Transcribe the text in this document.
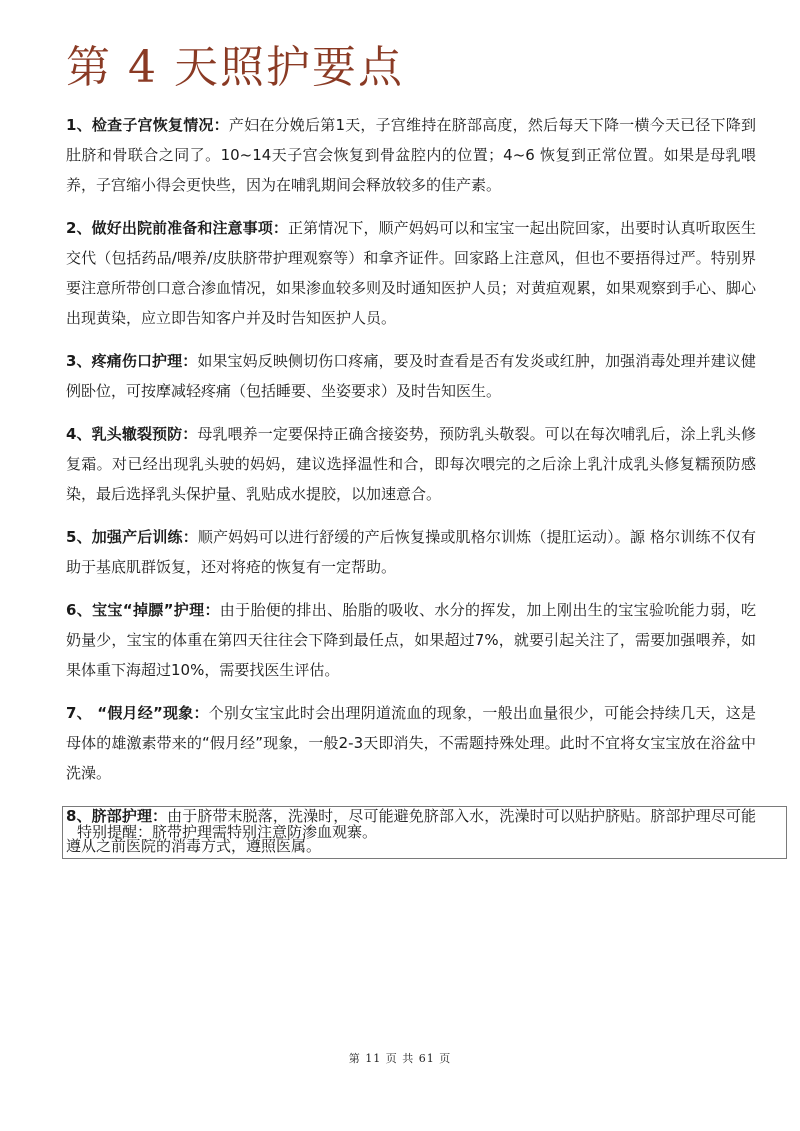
第 4 天照护要点

1、检查子宫恢复情况：产妇在分娩后第1天，子宫维持在脐部高度，然后每天下降一横今天已径下降到肚脐和骨联合之同了。10~14天子宫会恢复到骨盆腔内的位置；4~6 恢复到正常位置。如果是母乳喂养，子宫缩小得会更快些，因为在哺乳期间会释放较多的佳产素。

2、做好出院前准备和注意事项：正第情况下，顺产妈妈可以和宝宝一起出院回家，出要时认真听取医生交代（包括药品/喂养/皮肤脐带护理观察等）和拿齐证件。回家路上注意风，但也不要捂得过严。特别界要注意所带创口意合渗血情况，如果渗血较多则及时通知医护人员；对黄疸观累，如果观察到手心、脚心出现黄染，应立即告知客户并及时告知医护人员。

3、疼痛伤口护理：如果宝妈反映侧切伤口疼痛，要及时查看是否有发炎或红肿，加强消毒处理并建议健例卧位，可按摩减轻疼痛（包括睡要、坐姿要求）及时告知医生。

4、乳头辙裂预防：母乳喂养一定要保持正确含接姿势，预防乳头敬裂。可以在每次哺乳后，涂上乳头修复霜。对已经出现乳头驶的妈妈，建议选择温性和合，即每次喂完的之后涂上乳汁成乳头修复糯预防感染，最后选择乳头保护量、乳贴成水提胶，以加速意合。

5、加强产后训练：顺产妈妈可以进行舒缓的产后恢复操或肌格尔训炼（提肛运动）。謜 格尔训练不仅有助于基底肌群饭复，还对将疮的恢复有一定帮助。

6、宝宝“掉膘”护理：由于胎便的排出、胎脂的吸收、水分的挥发，加上刚出生的宝宝验吮能力弱，吃奶量少，宝宝的体重在第四天往往会下降到最任点，如果超过7%，就要引起关注了，需要加强喂养，如果体重下海超过10%，需要找医生评估。

7、 “假月经”现象：个别女宝宝此时会出理阴道流血的现象，一般出血量很少，可能会持续几天，这是母体的雄激素带来的“假月经”现象，一般2-3天即消失，不需题持殊处理。此时不宜将女宝宝放在浴盆中洗澡。

8、脐部护理：由于脐带末脱落，洗澡时，尽可能避免脐部入水，洗澡时可以贴护脐贴。脐部护理尽可能遵从之前医院的消毒方式，遵照医属。

特别提醒：脐带护理需特别注意防渗血观寨。
第 11 页 共 61 页
